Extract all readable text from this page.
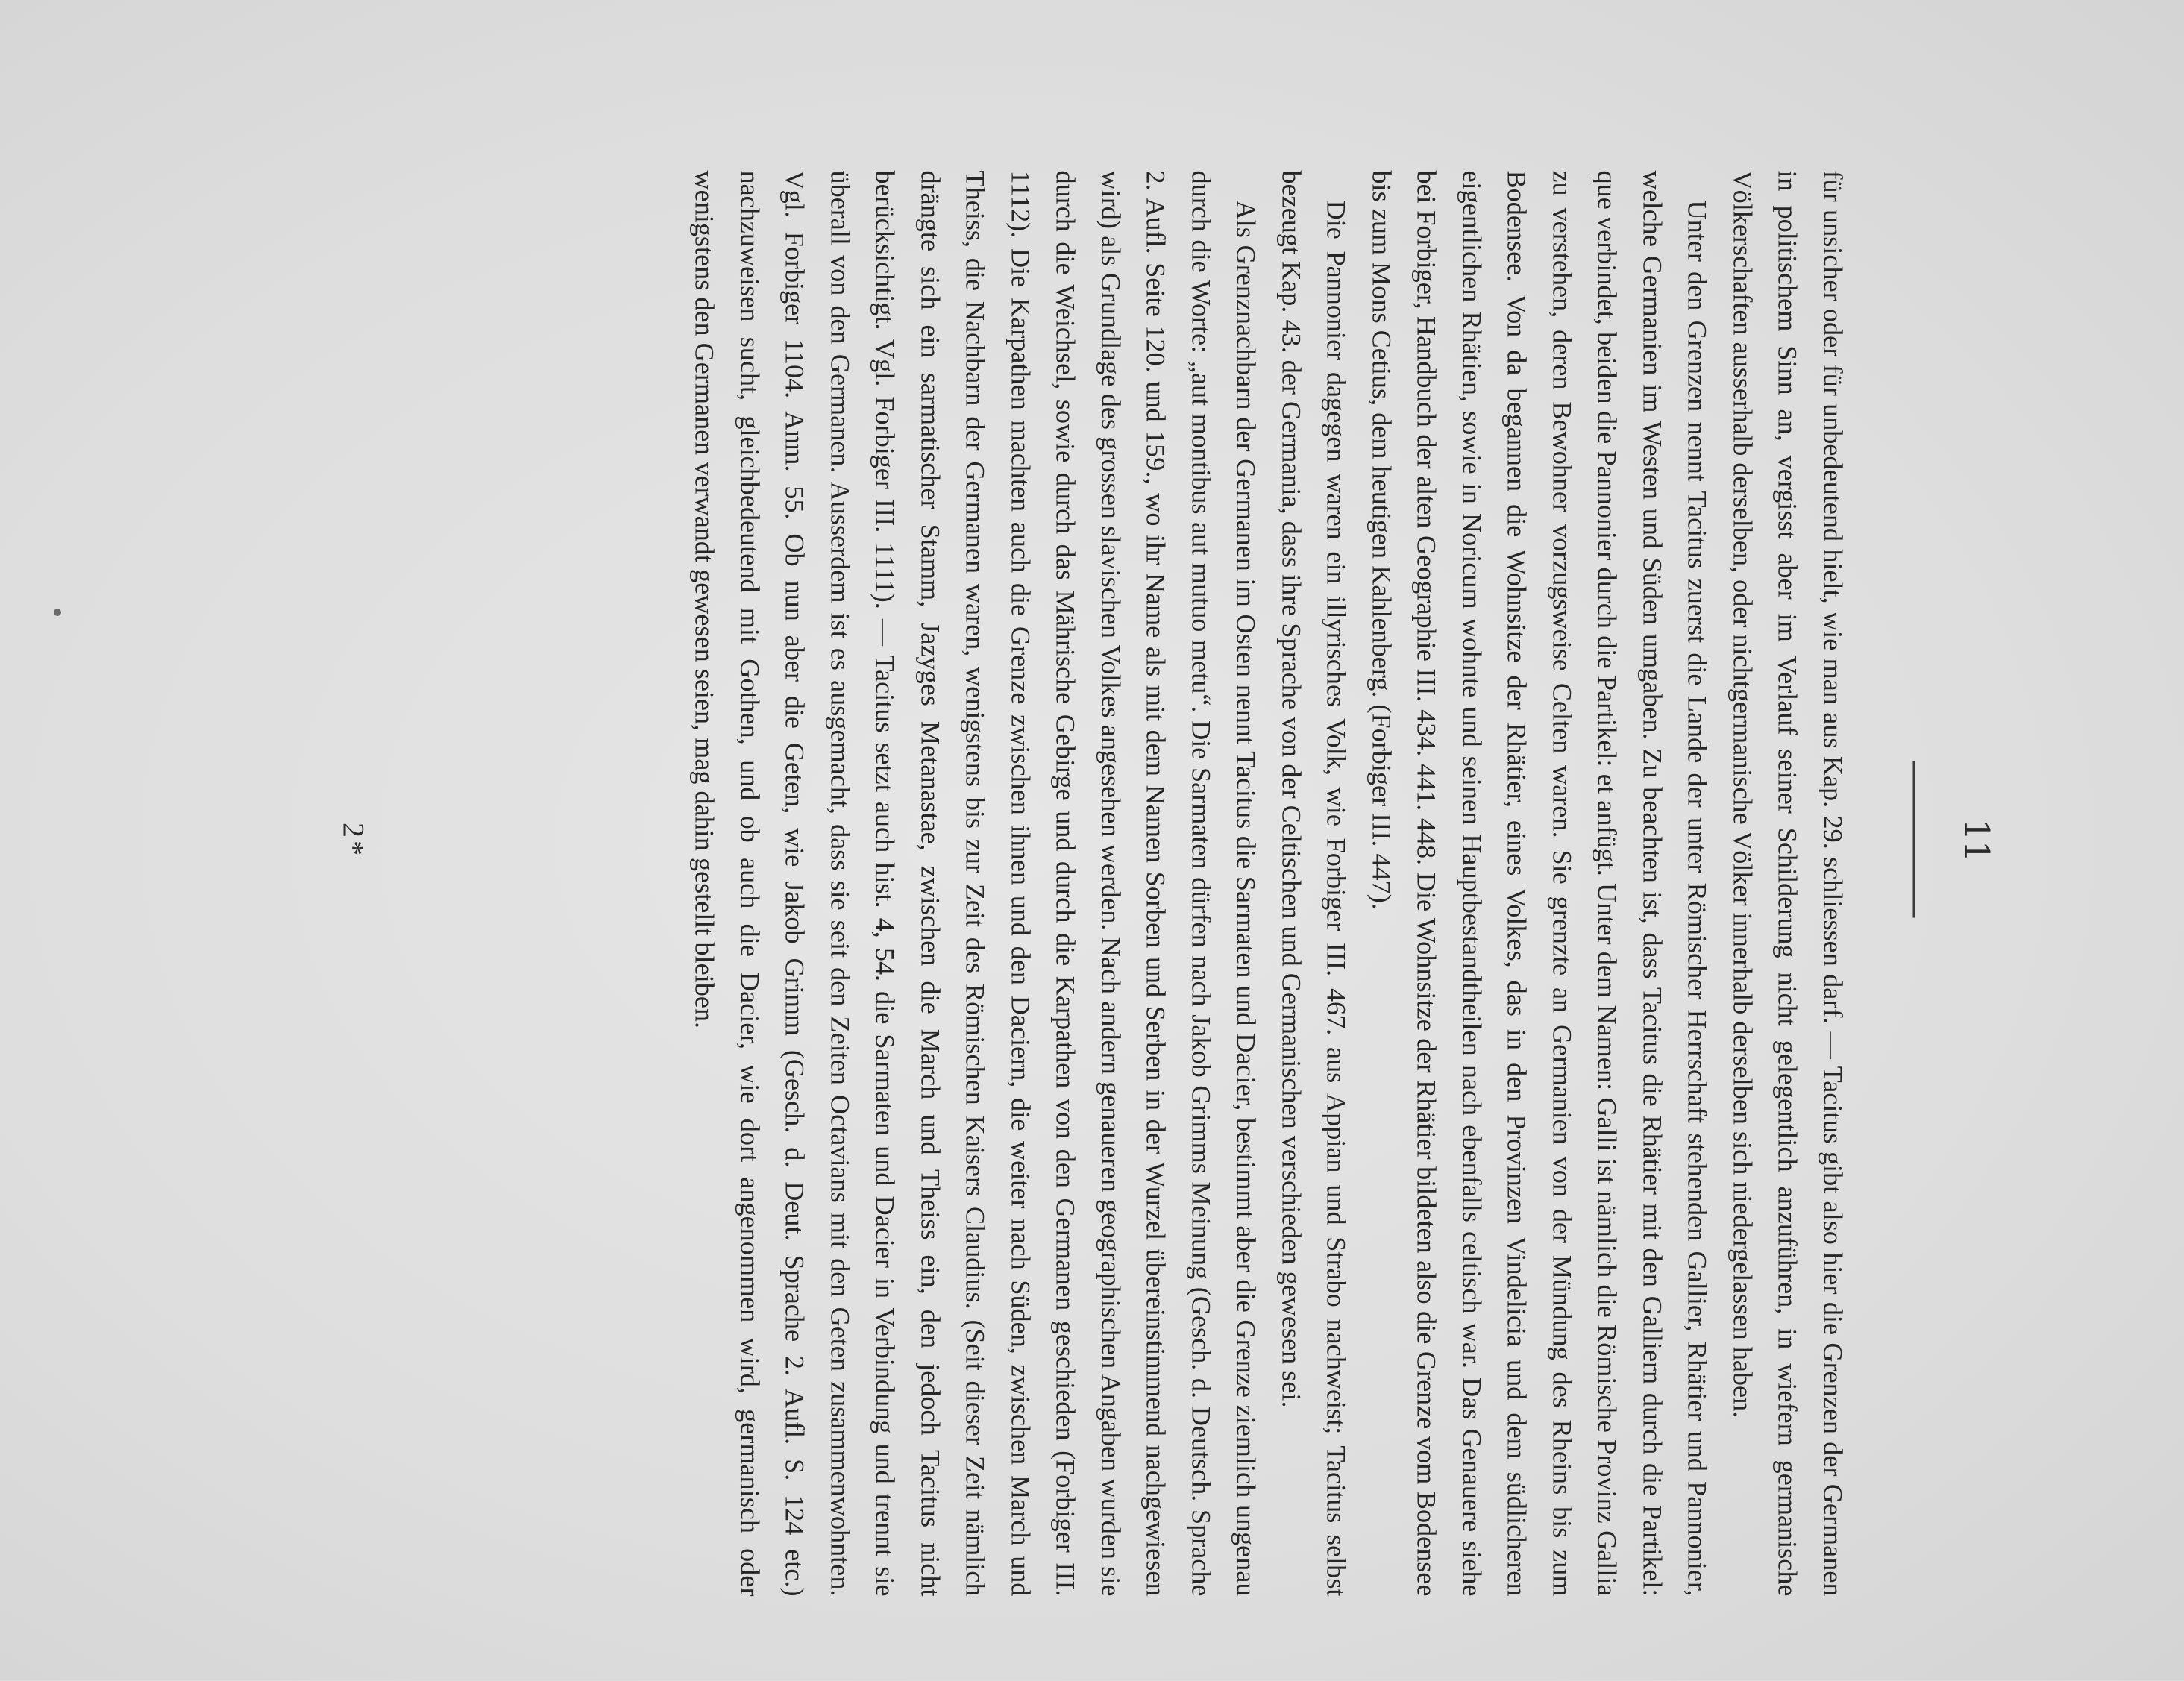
11

für unsicher oder für unbedeutend hielt, wie man aus Kap. 29. schliessen darf. — Tacitus gibt also hier die Grenzen der Germanen in politischem Sinn an, vergisst aber im Verlauf seiner Schilderung nicht gelegentlich anzuführen, in wiefern germanische Völkerschaften ausserhalb derselben, oder nichtgermanische Völker innerhalb derselben sich niedergelassen haben.

Unter den Grenzen nennt Tacitus zuerst die Lande der unter Römischer Herrschaft stehenden Gallier, Rhätier und Pannonier, welche Germanien im Westen und Süden umgaben. Zu beachten ist, dass Tacitus die Rhätier mit den Galliern durch die Partikel: que verbindet, beiden die Pannonier durch die Partikel: et anfügt. Unter dem Namen: Galli ist nämlich die Römische Provinz Gallia zu verstehen, deren Bewohner vorzugsweise Celten waren. Sie grenzte an Germanien von der Mündung des Rheins bis zum Bodensee. Von da begannen die Wohnsitze der Rhätier, eines Volkes, das in den Provinzen Vindelicia und dem südlicheren eigentlichen Rhätien, sowie in Noricum wohnte und seinen Hauptbestandtheilen nach ebenfalls celtisch war. Das Genauere siehe bei Forbiger, Handbuch der alten Geographie III. 434. 441. 448. Die Wohnsitze der Rhätier bildeten also die Grenze vom Bodensee bis zum Mons Cetius, dem heutigen Kahlenberg. (Forbiger III. 447).

Die Pannonier dagegen waren ein illyrisches Volk, wie Forbiger III. 467. aus Appian und Strabo nachweist; Tacitus selbst bezeugt Kap. 43. der Germania, dass ihre Sprache von der Celtischen und Germanischen verschieden gewesen sei.

Als Grenznachbarn der Germanen im Osten nennt Tacitus die Sarmaten und Dacier, bestimmt aber die Grenze ziemlich ungenau durch die Worte: „aut montibus aut mutuo metu“. Die Sarmaten dürfen nach Jakob Grimms Meinung (Gesch. d. Deutsch. Sprache 2. Aufl. Seite 120. und 159., wo ihr Name als mit dem Namen Sorben und Serben in der Wurzel übereinstimmend nachgewiesen wird) als Grundlage des grossen slavischen Volkes angesehen werden. Nach andern genaueren geographischen Angaben wurden sie durch die Weichsel, sowie durch das Mährische Gebirge und durch die Karpathen von den Germanen geschieden (Forbiger III. 1112). Die Karpathen machten auch die Grenze zwischen ihnen und den Daciern, die weiter nach Süden, zwischen March und Theiss, die Nachbarn der Germanen waren, wenigstens bis zur Zeit des Römischen Kaisers Claudius. (Seit dieser Zeit nämlich drängte sich ein sarmatischer Stamm, Jazyges Metanastae, zwischen die March und Theiss ein, den jedoch Tacitus nicht berücksichtigt. Vgl. Forbiger III. 1111). — Tacitus setzt auch hist. 4, 54. die Sarmaten und Dacier in Verbindung und trennt sie überall von den Germanen. Ausserdem ist es ausgemacht, dass sie seit den Zeiten Octavians mit den Geten zusammenwohnten. Vgl. Forbiger 1104. Anm. 55. Ob nun aber die Geten, wie Jakob Grimm (Gesch. d. Deut. Sprache 2. Aufl. S. 124 etc.) nachzuweisen sucht, gleichbedeutend mit Gothen, und ob auch die Dacier, wie dort angenommen wird, germanisch oder wenigstens den Germanen verwandt gewesen seien, mag dahin gestellt bleiben.

2*
